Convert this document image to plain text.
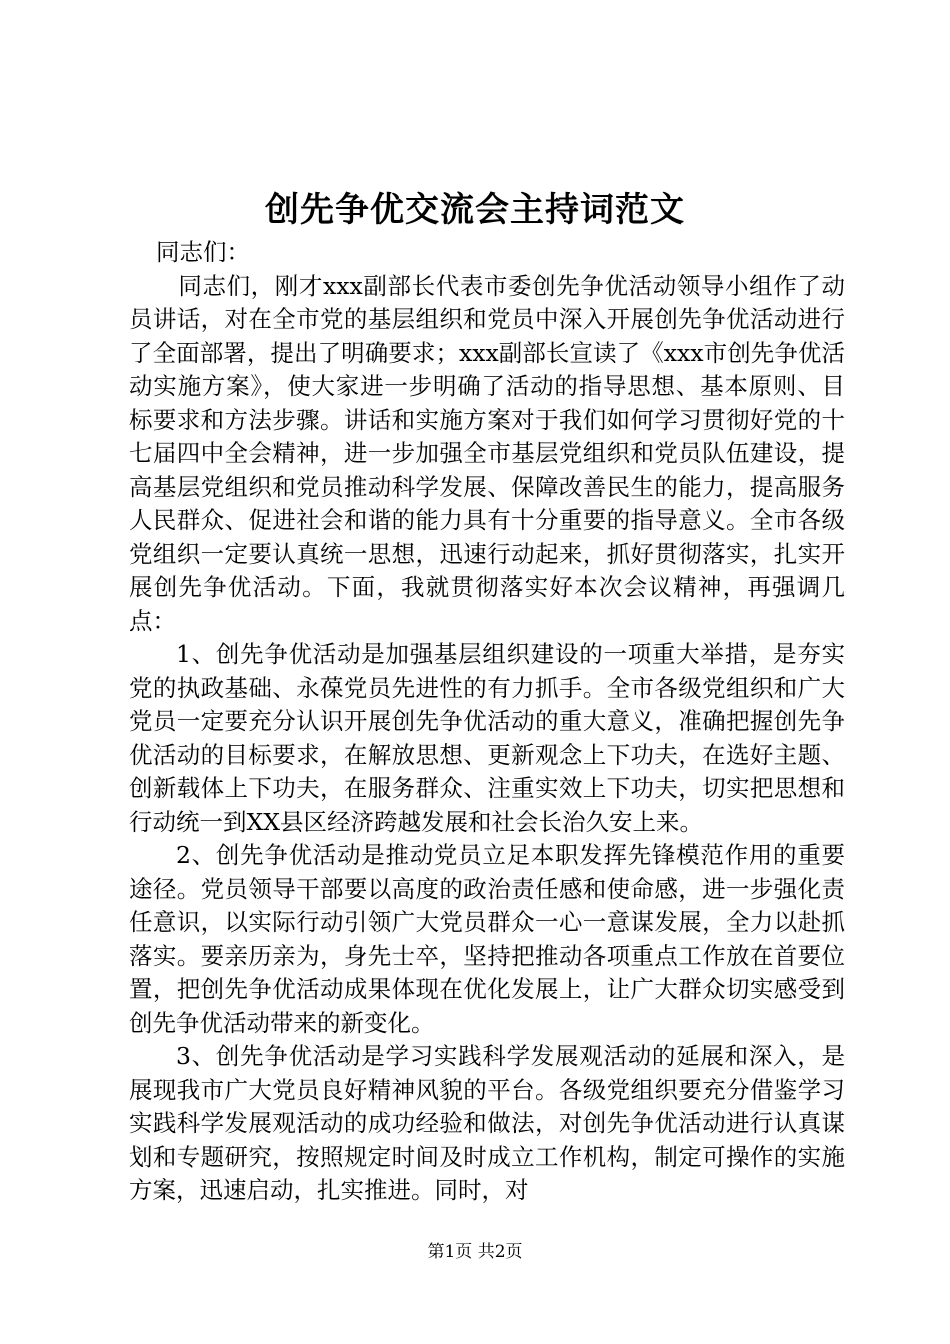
创先争优交流会主持词范文

同志们：

同志们，刚才xxx副部长代表市委创先争优活动领导小组作了动员讲话，对在全市党的基层组织和党员中深入开展创先争优活动进行了全面部署，提出了明确要求；xxx副部长宣读了《xxx市创先争优活动实施方案》，使大家进一步明确了活动的指导思想、基本原则、目标要求和方法步骤。讲话和实施方案对于我们如何学习贯彻好党的十七届四中全会精神，进一步加强全市基层党组织和党员队伍建设，提高基层党组织和党员推动科学发展、保障改善民生的能力，提高服务人民群众、促进社会和谐的能力具有十分重要的指导意义。全市各级党组织一定要认真统一思想，迅速行动起来，抓好贯彻落实，扎实开展创先争优活动。下面，我就贯彻落实好本次会议精神，再强调几点：

1、创先争优活动是加强基层组织建设的一项重大举措，是夯实党的执政基础、永葆党员先进性的有力抓手。全市各级党组织和广大党员一定要充分认识开展创先争优活动的重大意义，准确把握创先争优活动的目标要求，在解放思想、更新观念上下功夫，在选好主题、创新载体上下功夫，在服务群众、注重实效上下功夫，切实把思想和行动统一到XX县区经济跨越发展和社会长治久安上来。

2、创先争优活动是推动党员立足本职发挥先锋模范作用的重要途径。党员领导干部要以高度的政治责任感和使命感，进一步强化责任意识，以实际行动引领广大党员群众一心一意谋发展，全力以赴抓落实。要亲历亲为，身先士卒，坚持把推动各项重点工作放在首要位置，把创先争优活动成果体现在优化发展上，让广大群众切实感受到创先争优活动带来的新变化。

3、创先争优活动是学习实践科学发展观活动的延展和深入，是展现我市广大党员良好精神风貌的平台。各级党组织要充分借鉴学习实践科学发展观活动的成功经验和做法，对创先争优活动进行认真谋划和专题研究，按照规定时间及时成立工作机构，制定可操作的实施方案，迅速启动，扎实推进。同时，对

第1页 共2页
